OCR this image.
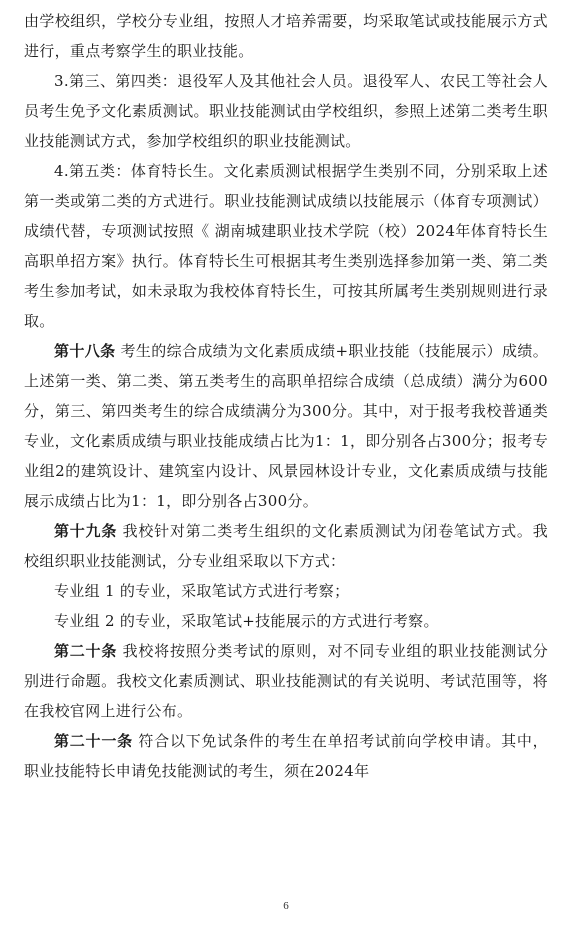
由学校组织，学校分专业组，按照人才培养需要，均采取笔试或技能展示方式进行，重点考察学生的职业技能。

3.第三、第四类：退役军人及其他社会人员。退役军人、农民工等社会人员考生免予文化素质测试。职业技能测试由学校组织，参照上述第二类考生职业技能测试方式，参加学校组织的职业技能测试。

4.第五类：体育特长生。文化素质测试根据学生类别不同，分别采取上述第一类或第二类的方式进行。职业技能测试成绩以技能展示（体育专项测试）成绩代替，专项测试按照《 湖南城建职业技术学院（校）2024年体育特长生高职单招方案》执行。体育特长生可根据其考生类别选择参加第一类、第二类考生参加考试，如未录取为我校体育特长生，可按其所属考生类别规则进行录取。

第十八条 考生的综合成绩为文化素质成绩+职业技能（技能展示）成绩。上述第一类、第二类、第五类考生的高职单招综合成绩（总成绩）满分为600分，第三、第四类考生的综合成绩满分为300分。其中，对于报考我校普通类专业，文化素质成绩与职业技能成绩占比为1：1，即分别各占300分；报考专业组2的建筑设计、建筑室内设计、风景园林设计专业，文化素质成绩与技能展示成绩占比为1：1，即分别各占300分。

第十九条 我校针对第二类考生组织的文化素质测试为闭卷笔试方式。我校组织职业技能测试，分专业组采取以下方式：

专业组 1 的专业，采取笔试方式进行考察；

专业组 2 的专业，采取笔试+技能展示的方式进行考察。

第二十条 我校将按照分类考试的原则，对不同专业组的职业技能测试分别进行命题。我校文化素质测试、职业技能测试的有关说明、考试范围等，将在我校官网上进行公布。

第二十一条 符合以下免试条件的考生在单招考试前向学校申请。其中，职业技能特长申请免技能测试的考生，须在2024年

6
